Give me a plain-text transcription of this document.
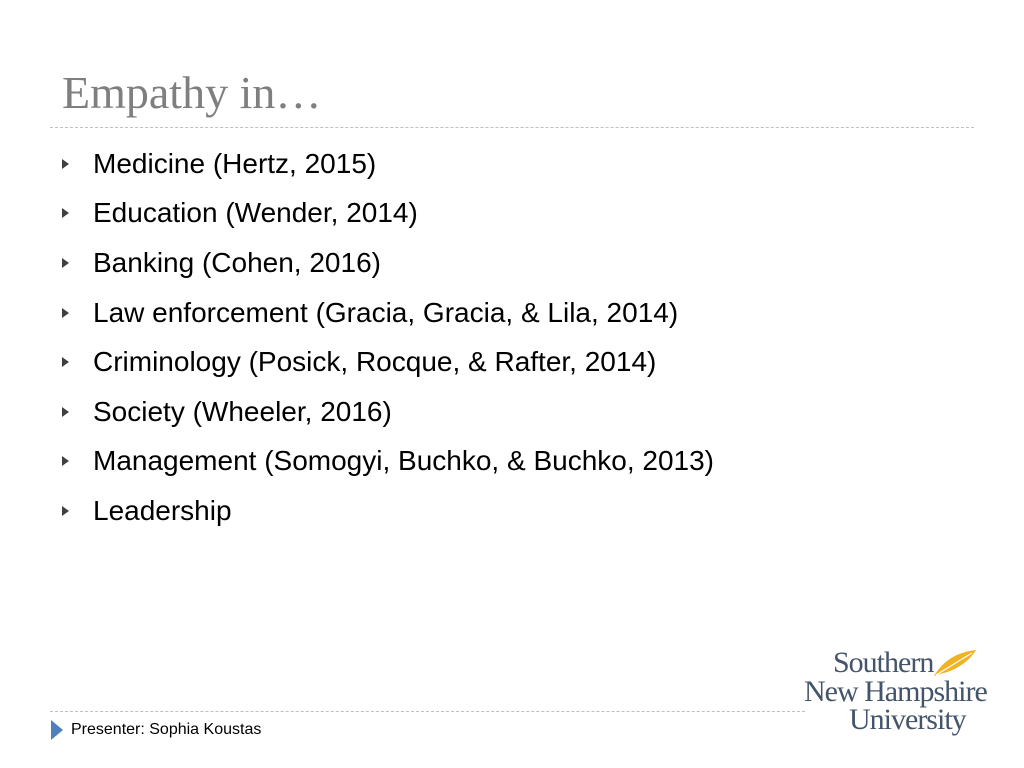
Empathy in…
Medicine (Hertz, 2015)
Education (Wender, 2014)
Banking (Cohen, 2016)
Law enforcement (Gracia, Gracia, & Lila, 2014)
Criminology (Posick, Rocque, & Rafter, 2014)
Society (Wheeler, 2016)
Management (Somogyi, Buchko, & Buchko, 2013)
Leadership
Presenter: Sophia Koustas
Southern
New Hampshire
University
